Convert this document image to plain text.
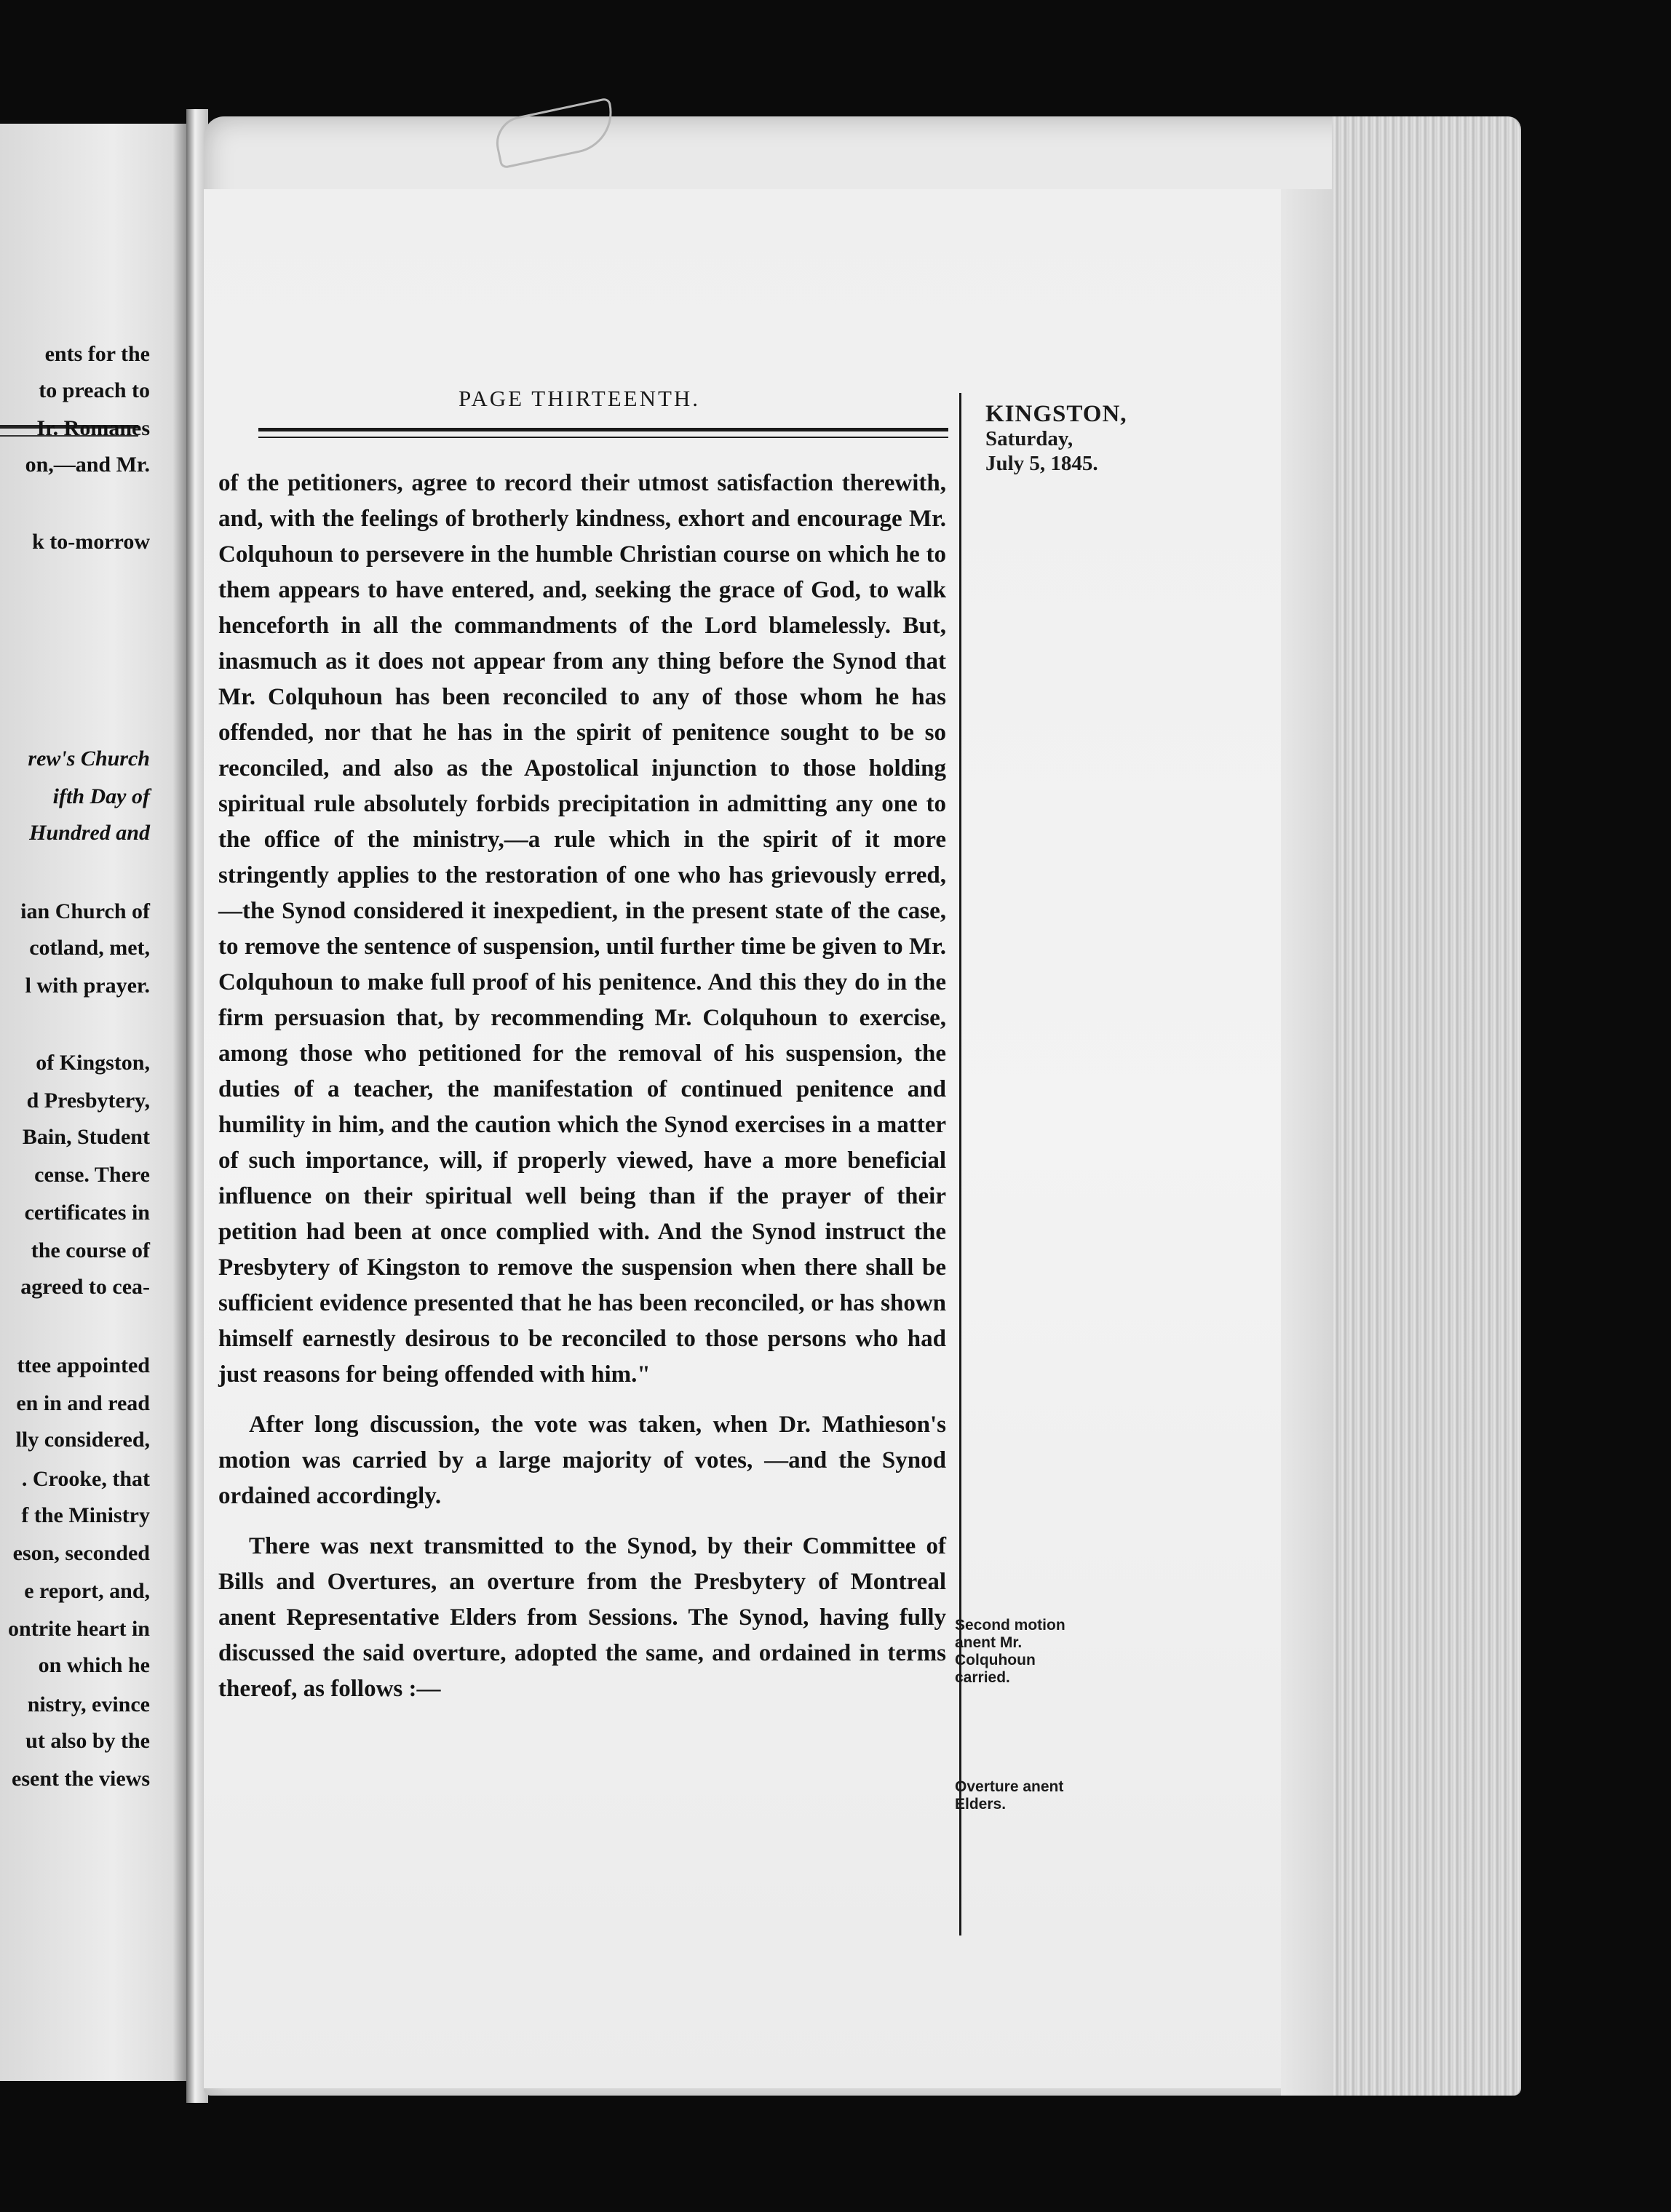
ents for the
to preach to
Ir. Romanes
on,—and Mr.
k to-morrow
rew's Church
ifth Day of
Hundred and
ian Church of
cotland, met,
l with prayer.
of Kingston,
d Presbytery,
Bain, Student
cense. There
certificates in
the course of
agreed to cea-
ttee appointed
en in and read
lly considered,
. Crooke, that
f the Ministry
eson, seconded
e report, and,
ontrite heart in
on which he
nistry, evince
ut also by the
esent the views
PAGE THIRTEENTH.
KINGSTON,
Saturday,
July 5, 1845.

of the petitioners, agree to record their utmost satisfaction therewith, and, with the feelings of brotherly kindness, exhort and encourage Mr. Colquhoun to persevere in the humble Christian course on which he to them appears to have entered, and, seeking the grace of God, to walk henceforth in all the commandments of the Lord blamelessly. But, inasmuch as it does not appear from any thing before the Synod that Mr. Colquhoun has been reconciled to any of those whom he has offended, nor that he has in the spirit of penitence sought to be so reconciled, and also as the Apostolical injunction to those holding spiritual rule absolutely forbids precipitation in admitting any one to the office of the ministry,—a rule which in the spirit of it more stringently applies to the restoration of one who has grievously erred,—the Synod considered it inexpedient, in the present state of the case, to remove the sentence of suspension, until further time be given to Mr. Colquhoun to make full proof of his penitence. And this they do in the firm persuasion that, by recommending Mr. Colquhoun to exercise, among those who petitioned for the removal of his suspension, the duties of a teacher, the manifestation of continued penitence and humility in him, and the caution which the Synod exercises in a matter of such importance, will, if properly viewed, have a more beneficial influence on their spiritual well being than if the prayer of their petition had been at once complied with. And the Synod instruct the Presbytery of Kingston to remove the suspension when there shall be sufficient evidence presented that he has been reconciled, or has shown himself earnestly desirous to be reconciled to those persons who had just reasons for being offended with him."

After long discussion, the vote was taken, when Dr. Mathieson's motion was carried by a large majority of votes, —and the Synod ordained accordingly.

There was next transmitted to the Synod, by their Committee of Bills and Overtures, an overture from the Presbytery of Montreal anent Representative Elders from Sessions. The Synod, having fully discussed the said overture, adopted the same, and ordained in terms thereof, as follows :—

Second motion anent Mr. Colquhoun carried.
Overture anent Elders.
